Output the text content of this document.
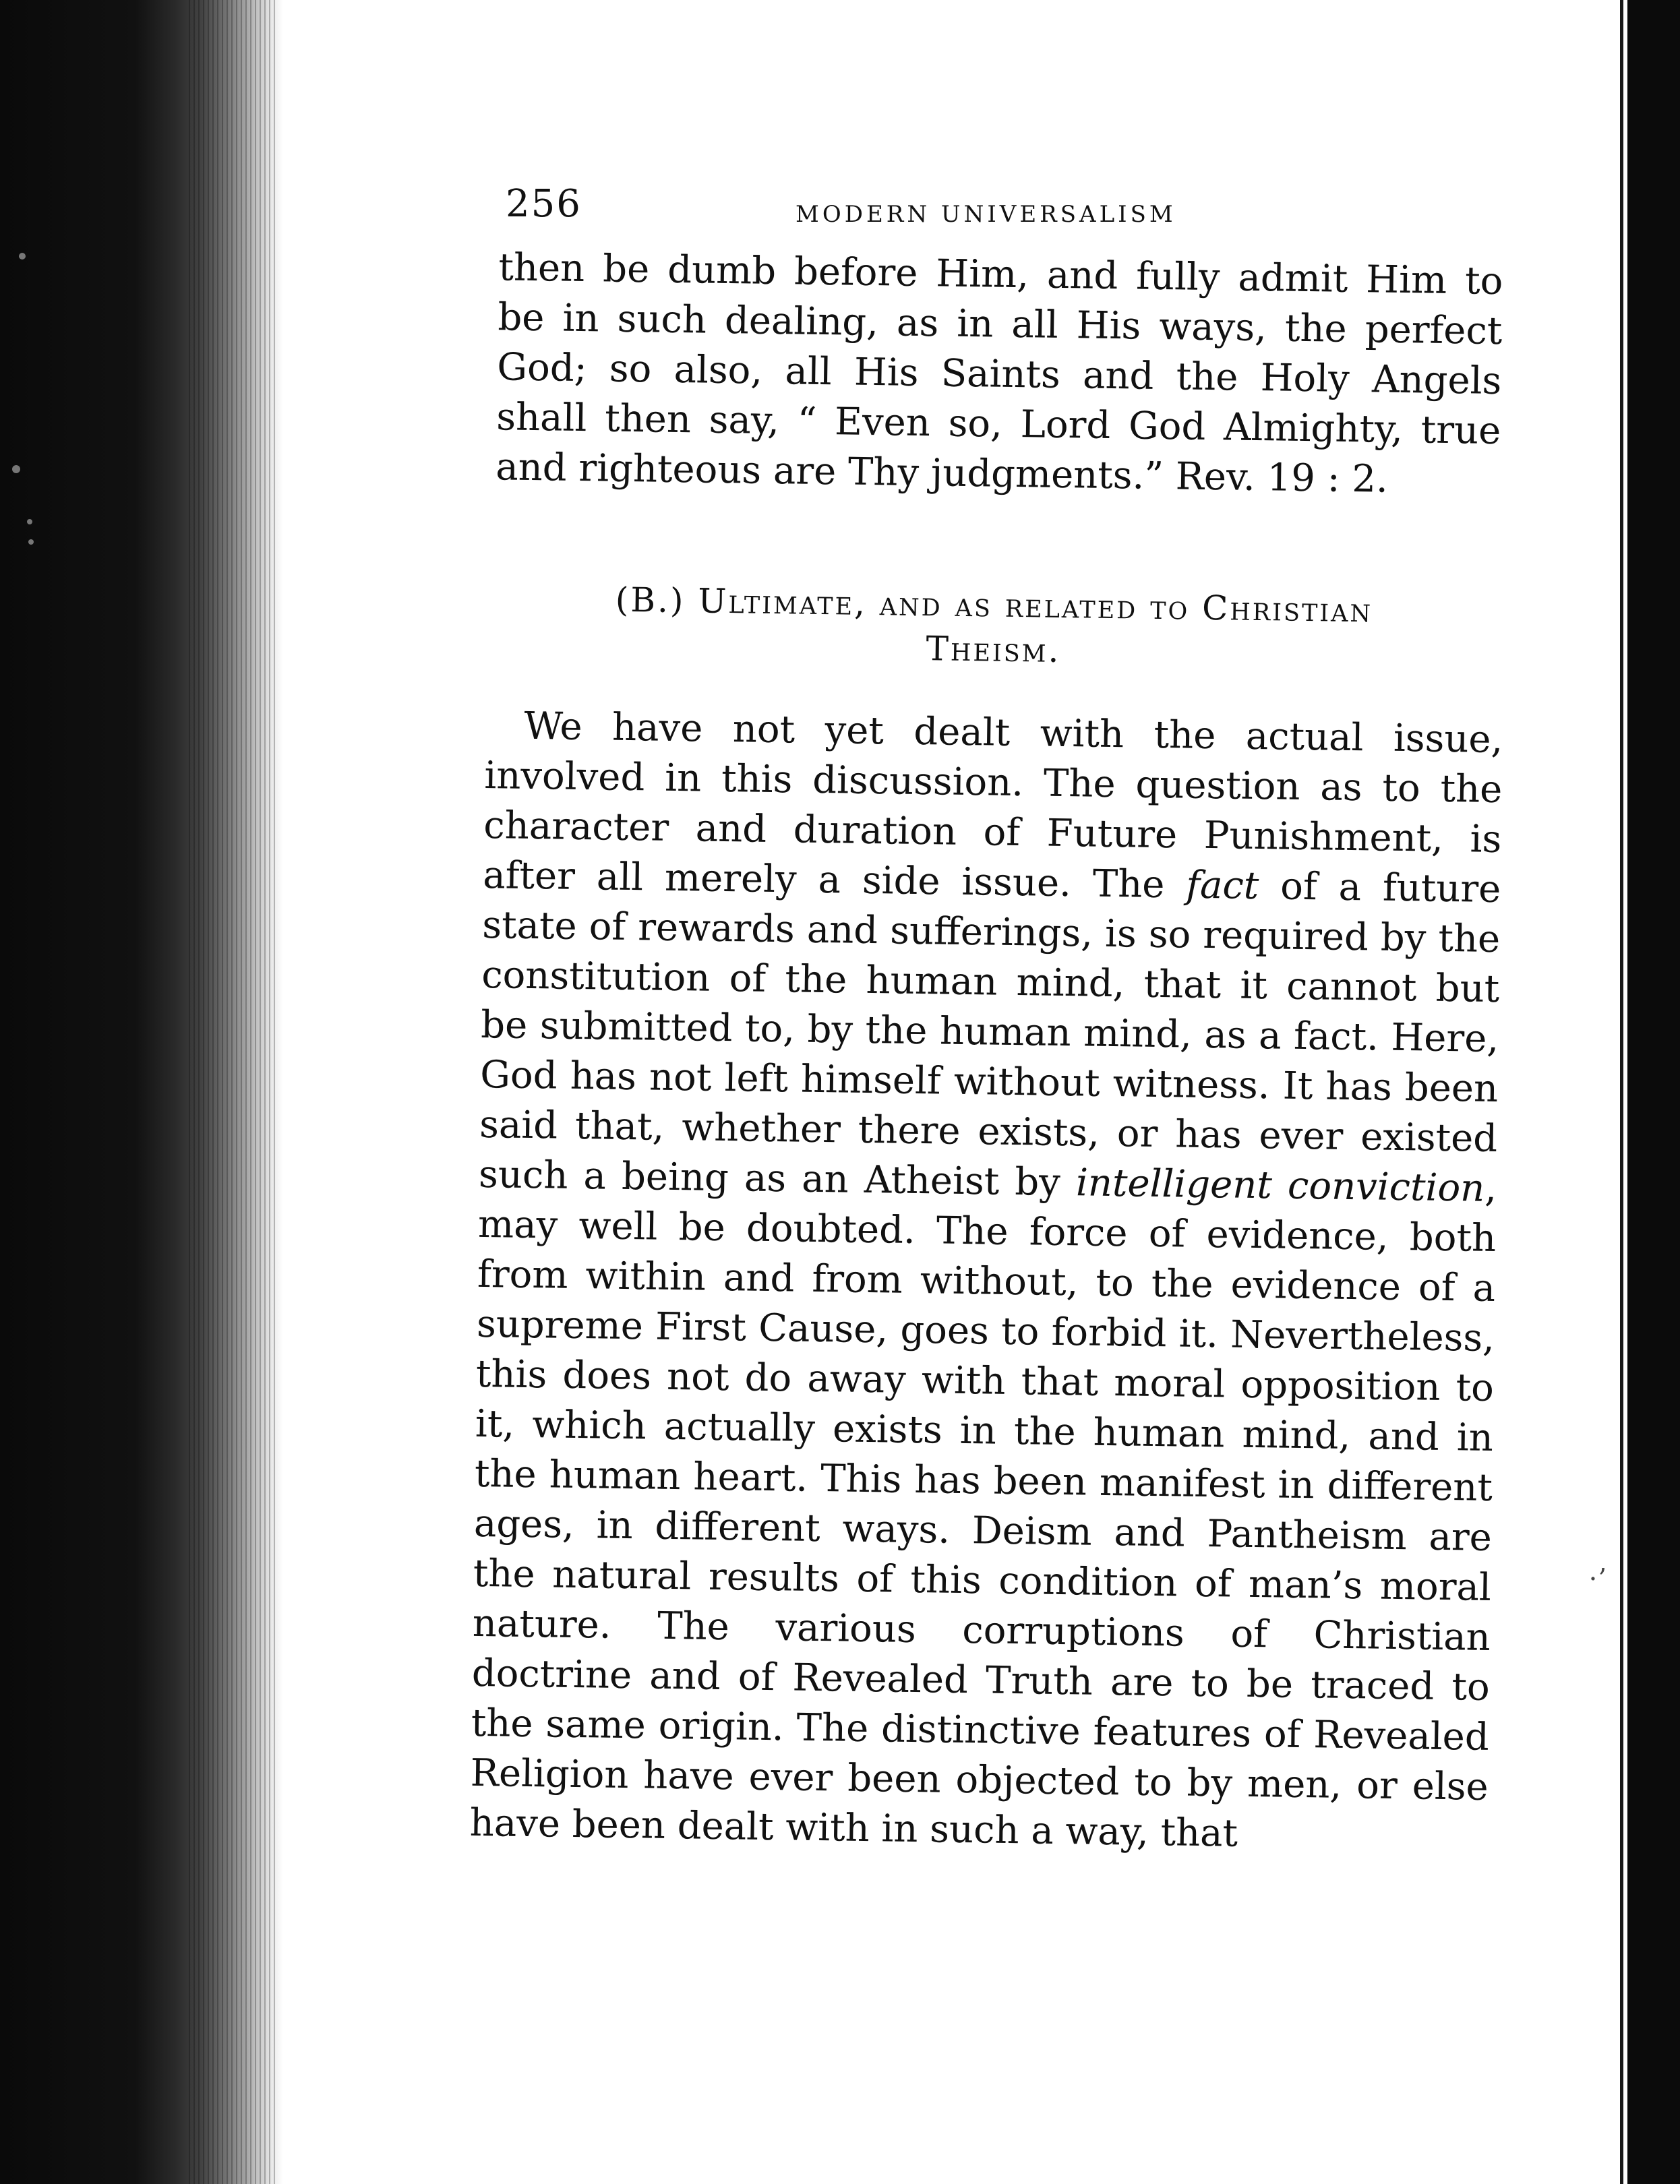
·ʼ
256	MODERN UNIVERSALISM

then be dumb before Him, and fully admit Him to be in such dealing, as in all His ways, the perfect God; so also, all His Saints and the Holy Angels shall then say, “ Even so, Lord God Almighty, true and righteous are Thy judgments.” Rev. 19 : 2.

(B.) Ultimate, and as related to Christian
Theism.

We have not yet dealt with the actual issue, involved in this discussion. The question as to the character and duration of Future Punishment, is after all merely a side issue. The fact of a future state of rewards and sufferings, is so required by the constitution of the human mind, that it cannot but be submitted to, by the human mind, as a fact. Here, God has not left himself without witness. It has been said that, whether there exists, or has ever existed such a being as an Atheist by intelligent conviction, may well be doubted. The force of evidence, both from within and from without, to the evidence of a supreme First Cause, goes to forbid it. Nevertheless, this does not do away with that moral opposition to it, which actually exists in the human mind, and in the human heart. This has been manifest in different ages, in different ways. Deism and Pantheism are the natural results of this condition of man’s moral nature. The various corruptions of Christian doctrine and of Revealed Truth are to be traced to the same origin. The distinctive features of Revealed Religion have ever been objected to by men, or else have been dealt with in such a way, that
